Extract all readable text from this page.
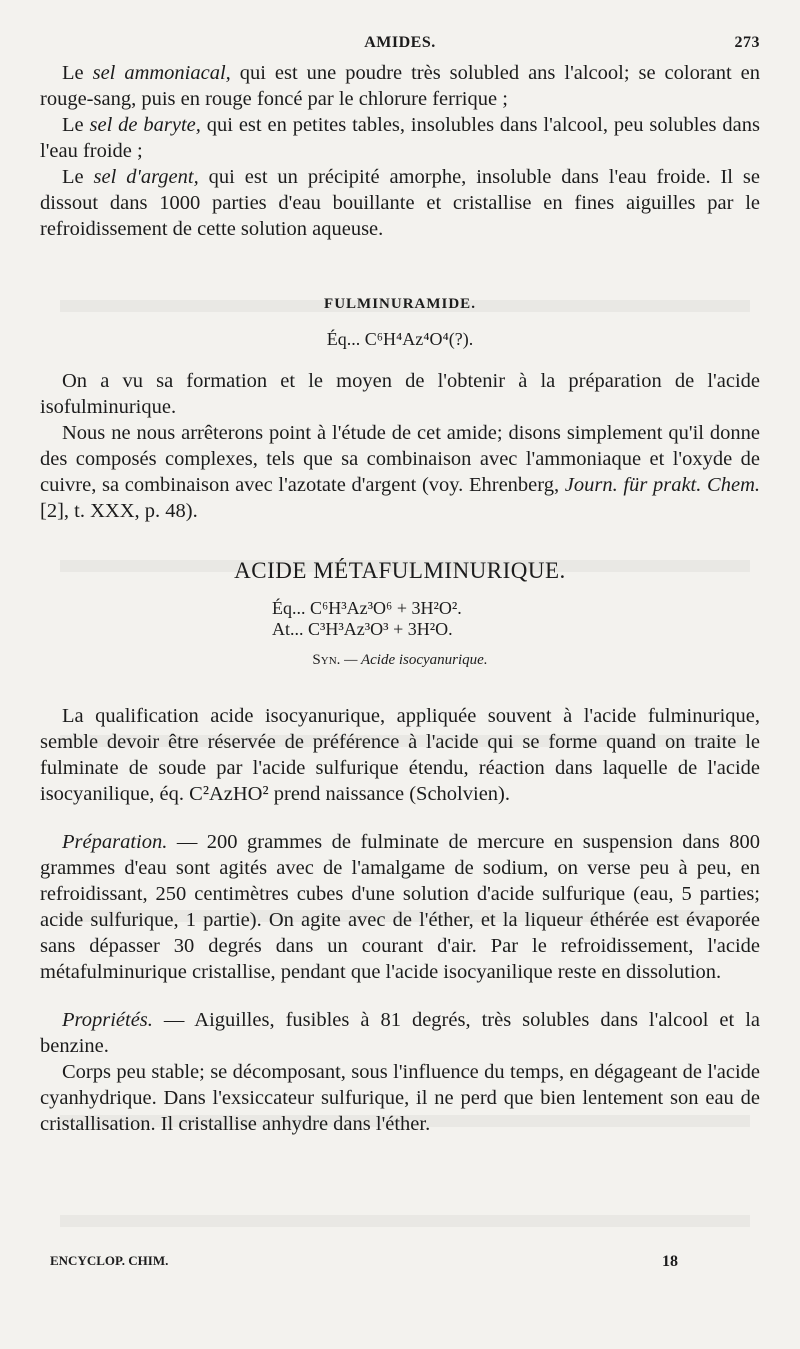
AMIDES.	273

Le sel ammoniacal, qui est une poudre très solubled ans l'alcool; se colorant en rouge-sang, puis en rouge foncé par le chlorure ferrique ;

Le sel de baryte, qui est en petites tables, insolubles dans l'alcool, peu solubles dans l'eau froide ;

Le sel d'argent, qui est un précipité amorphe, insoluble dans l'eau froide. Il se dissout dans 1000 parties d'eau bouillante et cristallise en fines aiguilles par le refroidissement de cette solution aqueuse.

FULMINURAMIDE.
Éq... C⁶H⁴Az⁴O⁴(?).

On a vu sa formation et le moyen de l'obtenir à la préparation de l'acide isofulminurique.

Nous ne nous arrêterons point à l'étude de cet amide; disons simplement qu'il donne des composés complexes, tels que sa combinaison avec l'ammoniaque et l'oxyde de cuivre, sa combinaison avec l'azotate d'argent (voy. Ehrenberg, Journ. für prakt. Chem. [2], t. XXX, p. 48).

ACIDE MÉTAFULMINURIQUE.
Éq... C⁶H³Az³O⁶ + 3H²O².
At... C³H³Az³O³ + 3H²O.
Syn. — Acide isocyanurique.

La qualification acide isocyanurique, appliquée souvent à l'acide fulminurique, semble devoir être réservée de préférence à l'acide qui se forme quand on traite le fulminate de soude par l'acide sulfurique étendu, réaction dans laquelle de l'acide isocyanilique, éq. C²AzHO² prend naissance (Scholvien).

Préparation. — 200 grammes de fulminate de mercure en suspension dans 800 grammes d'eau sont agités avec de l'amalgame de sodium, on verse peu à peu, en refroidissant, 250 centimètres cubes d'une solution d'acide sulfurique (eau, 5 parties; acide sulfurique, 1 partie). On agite avec de l'éther, et la liqueur éthérée est évaporée sans dépasser 30 degrés dans un courant d'air. Par le refroidissement, l'acide métafulminurique cristallise, pendant que l'acide isocyanilique reste en dissolution.

Propriétés. — Aiguilles, fusibles à 81 degrés, très solubles dans l'alcool et la benzine.

Corps peu stable; se décomposant, sous l'influence du temps, en dégageant de l'acide cyanhydrique. Dans l'exsiccateur sulfurique, il ne perd que bien lentement son eau de cristallisation. Il cristallise anhydre dans l'éther.

ENCYCLOP. CHIM.	18
